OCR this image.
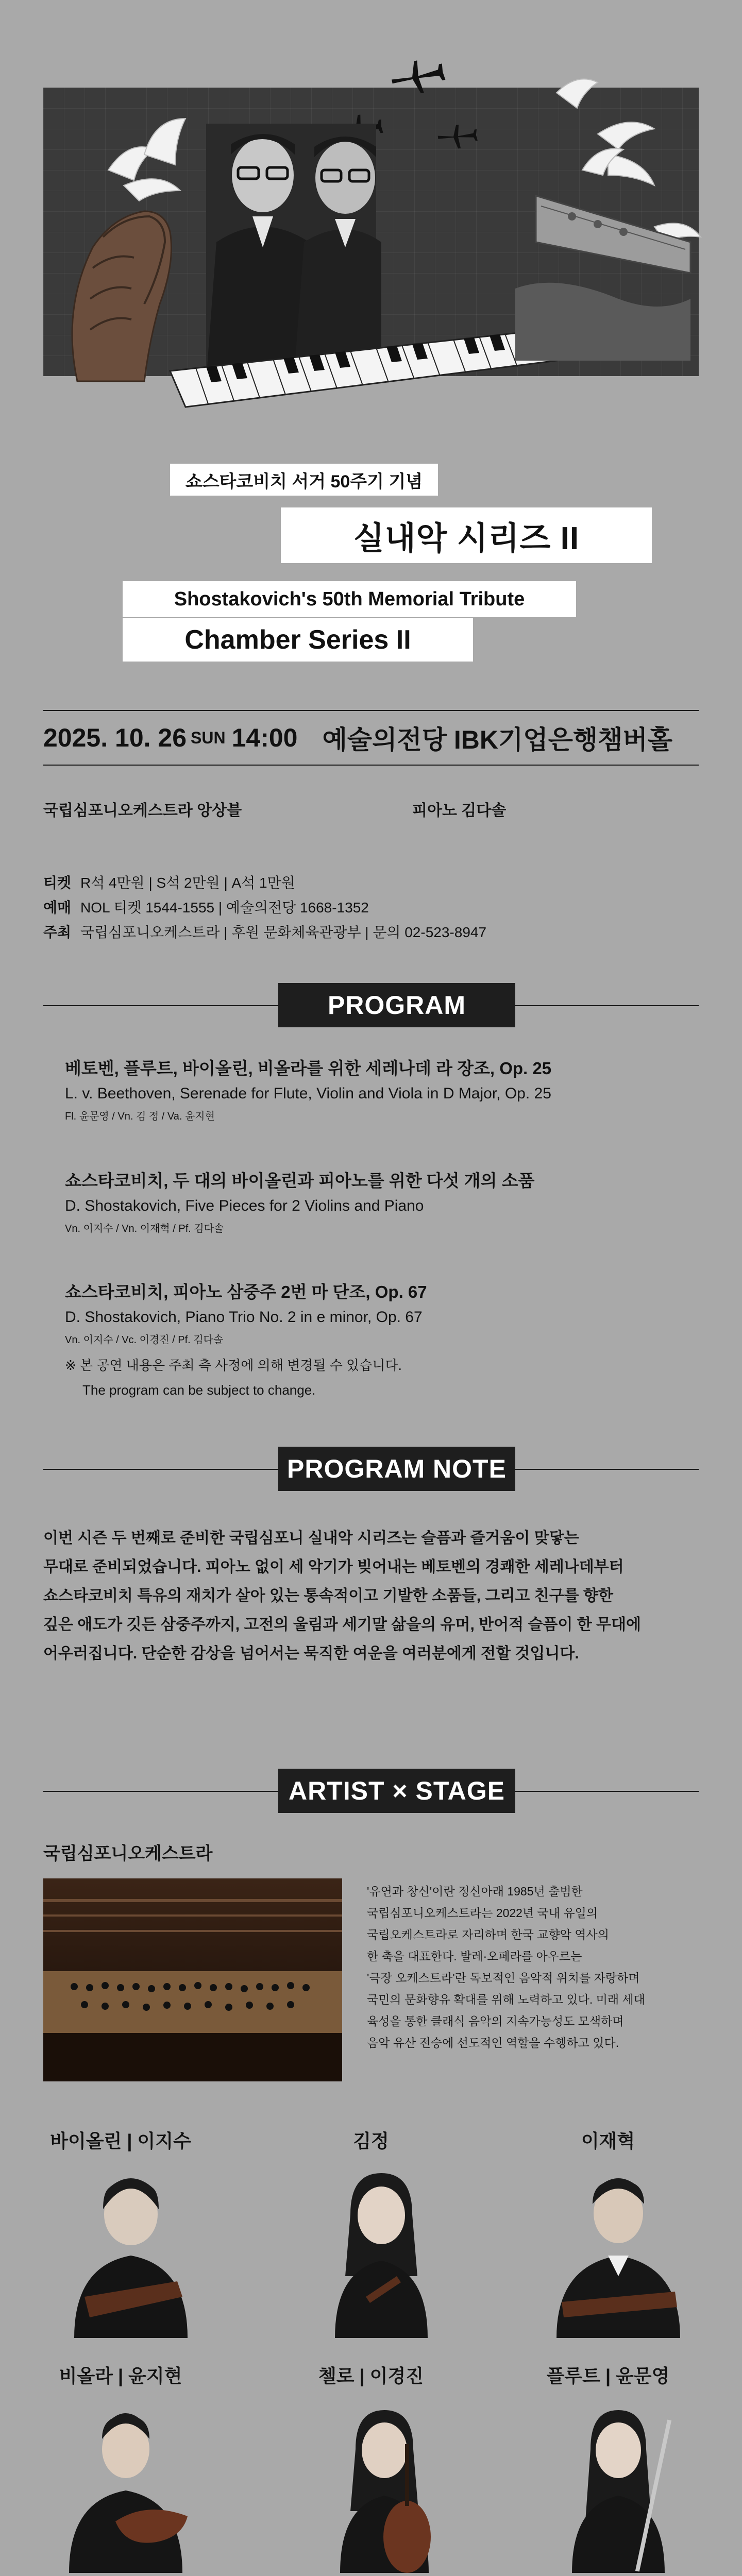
쇼스타코비치 서거 50주기 기념
실내악 시리즈 II
Shostakovich's 50th Memorial Tribute
Chamber Series II
2025. 10. 26 SUN 14:00 예술의전당 IBK기업은행챔버홀
국립심포니오케스트라 앙상블	피아노 김다솔
티켓 R석 4만원 | S석 2만원 | A석 1만원
예매 NOL 티켓 1544-1555 | 예술의전당 1668-1352
주최 국립심포니오케스트라 | 후원 문화체육관광부 | 문의 02-523-8947
PROGRAM
베토벤, 플루트, 바이올린, 비올라를 위한 세레나데 라 장조, Op. 25
L. v. Beethoven, Serenade for Flute, Violin and Viola in D Major, Op. 25
Fl. 윤문영 / Vn. 김 정 / Va. 윤지현
쇼스타코비치, 두 대의 바이올린과 피아노를 위한 다섯 개의 소품
D. Shostakovich, Five Pieces for 2 Violins and Piano
Vn. 이지수 / Vn. 이재혁 / Pf. 김다솔
쇼스타코비치, 피아노 삼중주 2번 마 단조, Op. 67
D. Shostakovich, Piano Trio No. 2 in e minor, Op. 67
Vn. 이지수 / Vc. 이경진 / Pf. 김다솔
※ 본 공연 내용은 주최 측 사정에 의해 변경될 수 있습니다.
The program can be subject to change.
PROGRAM NOTE
이번 시즌 두 번째로 준비한 국립심포니 실내악 시리즈는 슬픔과 즐거움이 맞닿는
무대로 준비되었습니다. 피아노 없이 세 악기가 빚어내는 베토벤의 경쾌한 세레나데부터
쇼스타코비치 특유의 재치가 살아 있는 통속적이고 기발한 소품들, 그리고 친구를 향한
깊은 애도가 깃든 삼중주까지, 고전의 울림과 세기말 삶을의 유머, 반어적 슬픔이 한 무대에
어우러집니다. 단순한 감상을 넘어서는 묵직한 여운을 여러분에게 전할 것입니다.
ARTIST × STAGE
국립심포니오케스트라
'유연과 창신'이란 정신아래 1985년 출범한
국립심포니오케스트라는 2022년 국내 유일의
국립오케스트라로 자리하며 한국 교향악 역사의
한 축을 대표한다. 발레·오페라를 아우르는
'극장 오케스트라'란 독보적인 음악적 위치를 자랑하며
국민의 문화향유 확대를 위해 노력하고 있다. 미래 세대
육성을 통한 클래식 음악의 지속가능성도 모색하며
음악 유산 전승에 선도적인 역할을 수행하고 있다.
바이올린 | 이지수	김정	이재혁
비올라 | 윤지현	첼로 | 이경진	플루트 | 윤문영
